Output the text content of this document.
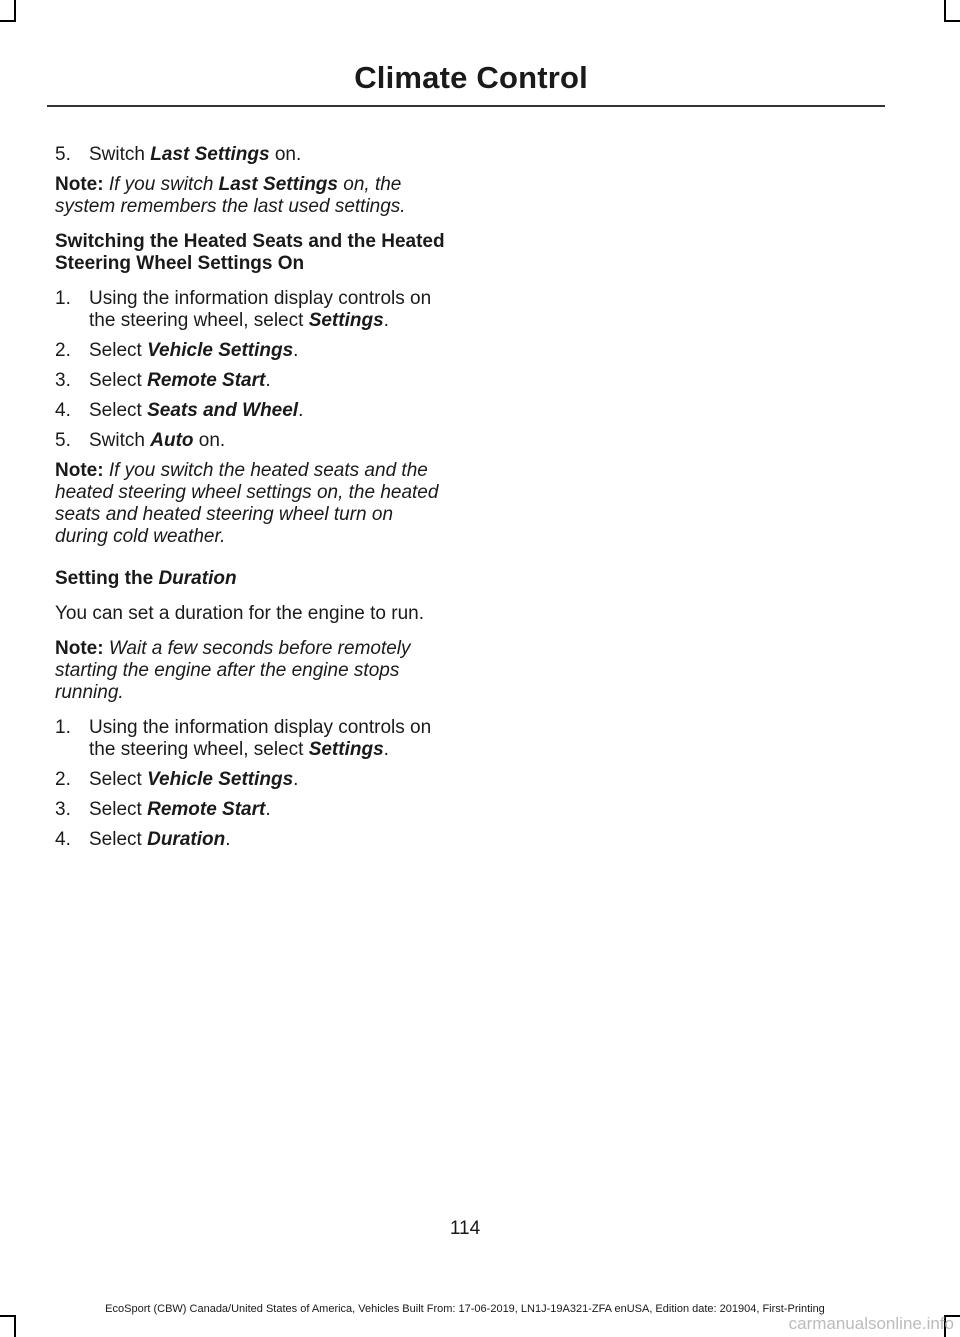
Climate Control
5. Switch Last Settings on.

Note: If you switch Last Settings on, the system remembers the last used settings.

Switching the Heated Seats and the Heated Steering Wheel Settings On
1. Using the information display controls on the steering wheel, select Settings.
2. Select Vehicle Settings.
3. Select Remote Start.
4. Select Seats and Wheel.
5. Switch Auto on.

Note: If you switch the heated seats and the heated steering wheel settings on, the heated seats and heated steering wheel turn on during cold weather.

Setting the Duration

You can set a duration for the engine to run.

Note: Wait a few seconds before remotely starting the engine after the engine stops running.

1. Using the information display controls on the steering wheel, select Settings.
2. Select Vehicle Settings.
3. Select Remote Start.
4. Select Duration.
114
EcoSport (CBW) Canada/United States of America, Vehicles Built From: 17-06-2019, LN1J-19A321-ZFA enUSA, Edition date: 201904, First-Printing
carmanualsonline.info
